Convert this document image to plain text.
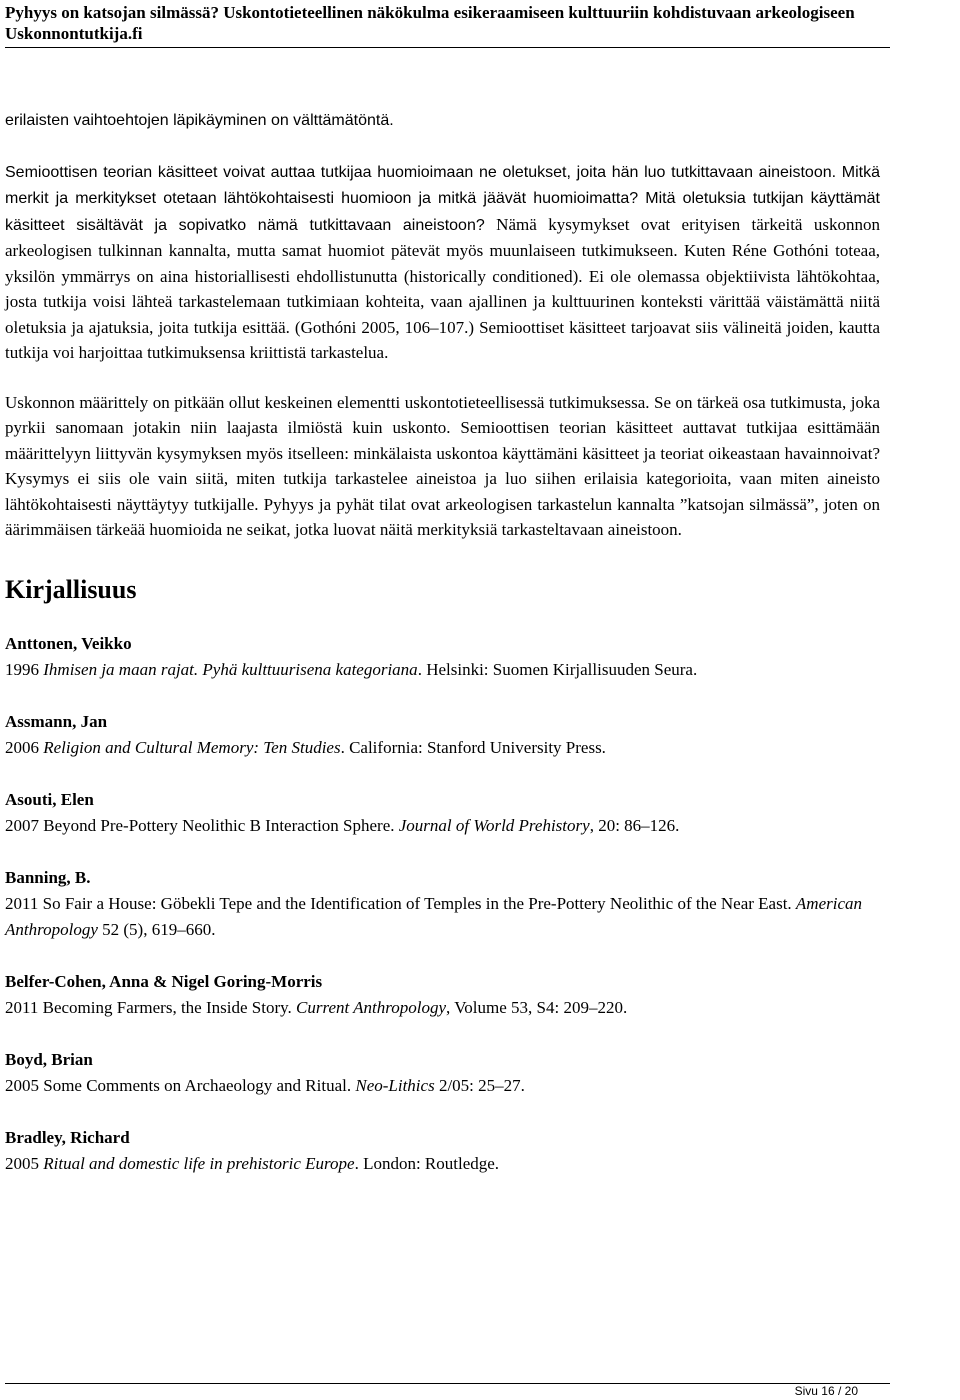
Pyhyys on katsojan silmässä? Uskontotieteellinen näkökulma esikeraamiseen kulttuuriin kohdistuvaan arkeologiseen
Uskonnontutkija.fi

erilaisten vaihtoehtojen läpikäyminen on välttämätöntä.

Semioottisen teorian käsitteet voivat auttaa tutkijaa huomioimaan ne oletukset, joita hän luo tutkittavaan aineistoon. Mitkä merkit ja merkitykset otetaan lähtökohtaisesti huomioon ja mitkä jäävät huomioimatta? Mitä oletuksia tutkijan käyttämät käsitteet sisältävät ja sopivatko nämä tutkittavaan aineistoon? Nämä kysymykset ovat erityisen tärkeitä uskonnon arkeologisen tulkinnan kannalta, mutta samat huomiot pätevät myös muunlaiseen tutkimukseen. Kuten Réne Gothóni toteaa, yksilön ymmärrys on aina historiallisesti ehdollistunutta (historically conditioned). Ei ole olemassa objektiivista lähtökohtaa, josta tutkija voisi lähteä tarkastelemaan tutkimiaan kohteita, vaan ajallinen ja kulttuurinen konteksti värittää väistämättä niitä oletuksia ja ajatuksia, joita tutkija esittää. (Gothóni 2005, 106–107.) Semioottiset käsitteet tarjoavat siis välineitä joiden, kautta tutkija voi harjoittaa tutkimuksensa kriittistä tarkastelua.

Uskonnon määrittely on pitkään ollut keskeinen elementti uskontotieteellisessä tutkimuksessa. Se on tärkeä osa tutkimusta, joka pyrkii sanomaan jotakin niin laajasta ilmiöstä kuin uskonto. Semioottisen teorian käsitteet auttavat tutkijaa esittämään määrittelyyn liittyvän kysymyksen myös itselleen: minkälaista uskontoa käyttämäni käsitteet ja teoriat oikeastaan havainnoivat? Kysymys ei siis ole vain siitä, miten tutkija tarkastelee aineistoa ja luo siihen erilaisia kategorioita, vaan miten aineisto lähtökohtaisesti näyttäytyy tutkijalle. Pyhyys ja pyhät tilat ovat arkeologisen tarkastelun kannalta ”katsojan silmässä”, joten on äärimmäisen tärkeää huomioida ne seikat, jotka luovat näitä merkityksiä tarkasteltavaan aineistoon.

Kirjallisuus
Anttonen, Veikko
1996 Ihmisen ja maan rajat. Pyhä kulttuurisena kategoriana. Helsinki: Suomen Kirjallisuuden Seura.
Assmann, Jan
2006 Religion and Cultural Memory: Ten Studies. California: Stanford University Press.
Asouti, Elen
2007 Beyond Pre-Pottery Neolithic B Interaction Sphere. Journal of World Prehistory, 20: 86–126.
Banning, B.
2011 So Fair a House: Göbekli Tepe and the Identification of Temples in the Pre-Pottery Neolithic of the Near East. American Anthropology 52 (5), 619–660.
Belfer-Cohen, Anna & Nigel Goring-Morris
2011 Becoming Farmers, the Inside Story. Current Anthropology, Volume 53, S4: 209–220.
Boyd, Brian
2005 Some Comments on Archaeology and Ritual. Neo-Lithics 2/05: 25–27.
Bradley, Richard
2005 Ritual and domestic life in prehistoric Europe. London: Routledge.
Sivu 16 / 20
